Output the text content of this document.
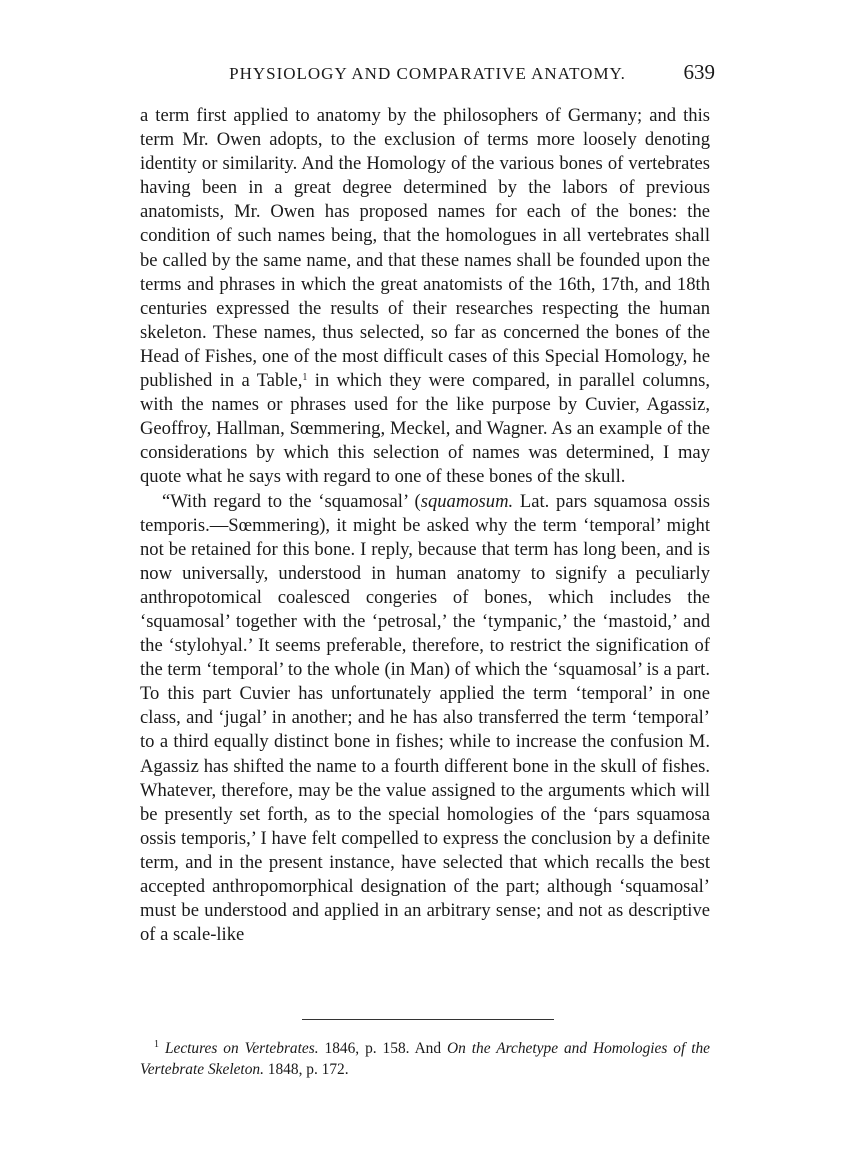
PHYSIOLOGY AND COMPARATIVE ANATOMY.	639

a term first applied to anatomy by the philosophers of Germany; and this term Mr. Owen adopts, to the exclusion of terms more loosely denoting identity or similarity. And the Homology of the various bones of vertebrates having been in a great degree determined by the labors of previous anatomists, Mr. Owen has proposed names for each of the bones: the condition of such names being, that the homologues in all vertebrates shall be called by the same name, and that these names shall be founded upon the terms and phrases in which the great anatomists of the 16th, 17th, and 18th centuries expressed the results of their researches respecting the human skeleton. These names, thus selected, so far as concerned the bones of the Head of Fishes, one of the most difficult cases of this Special Homology, he published in a Table,$^1$ in which they were compared, in parallel columns, with the names or phrases used for the like purpose by Cuvier, Agassiz, Geoffroy, Hallman, Sœmmering, Meckel, and Wagner. As an example of the considerations by which this selection of names was determined, I may quote what he says with regard to one of these bones of the skull.

“With regard to the ‘squamosal’ (squamosum. Lat. pars squamosa ossis temporis.—Sœmmering), it might be asked why the term ‘temporal’ might not be retained for this bone. I reply, because that term has long been, and is now universally, understood in human anatomy to signify a peculiarly anthropotomical coalesced congeries of bones, which includes the ‘squamosal’ together with the ‘petrosal,’ the ‘tympanic,’ the ‘mastoid,’ and the ‘stylohyal.’ It seems preferable, therefore, to restrict the signification of the term ‘temporal’ to the whole (in Man) of which the ‘squamosal’ is a part. To this part Cuvier has unfortunately applied the term ‘temporal’ in one class, and ‘jugal’ in another; and he has also transferred the term ‘temporal’ to a third equally distinct bone in fishes; while to increase the confusion M. Agassiz has shifted the name to a fourth different bone in the skull of fishes. Whatever, therefore, may be the value assigned to the arguments which will be presently set forth, as to the special homologies of the ‘pars squamosa ossis temporis,’ I have felt compelled to express the conclusion by a definite term, and in the present instance, have selected that which recalls the best accepted anthropomorphical designation of the part; although ‘squamosal’ must be understood and applied in an arbitrary sense; and not as descriptive of a scale-like

$^1$ Lectures on Vertebrates. 1846, p. 158. And On the Archetype and Homologies of the Vertebrate Skeleton. 1848, p. 172.
